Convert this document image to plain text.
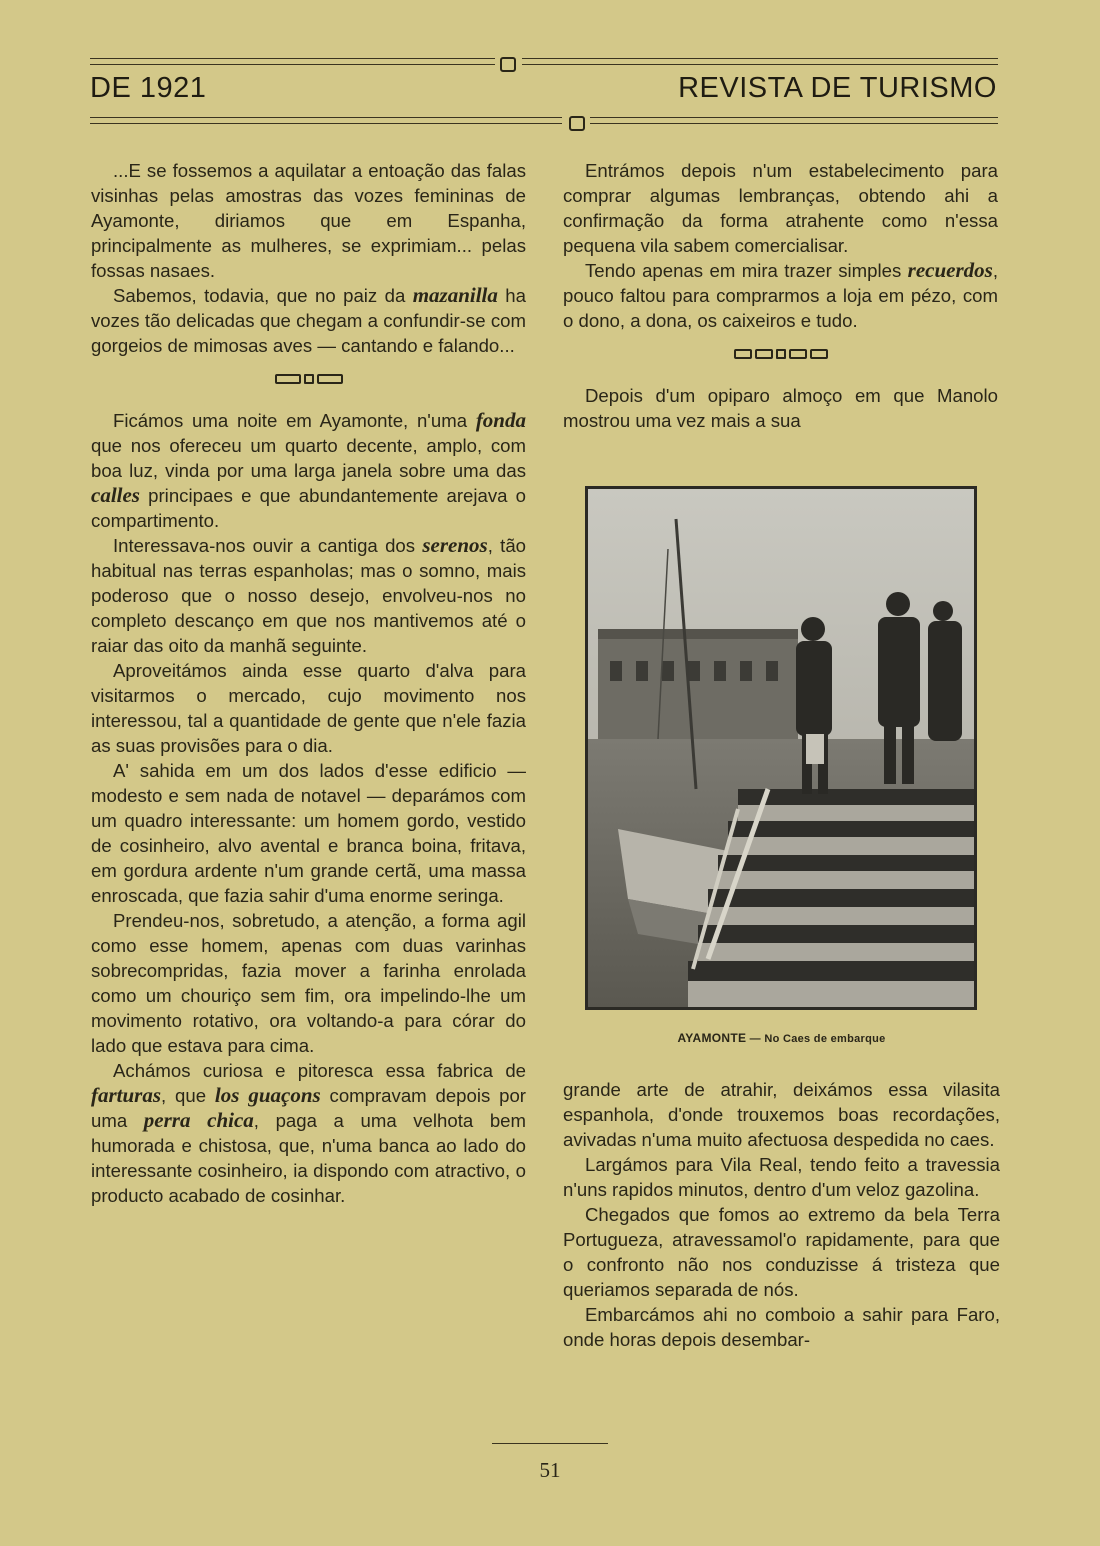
DE 1921	REVISTA DE TURISMO

...E se fossemos a aquilatar a entoação das falas visinhas pelas amostras das vozes femininas de Ayamonte, diriamos que em Espanha, principalmente as mulheres, se exprimiam... pelas fossas nasaes.

Sabemos, todavia, que no paiz da mazanilla ha vozes tão delicadas que chegam a confundir-se com gorgeios de mimosas aves — cantando e falando...

Ficámos uma noite em Ayamonte, n'uma fonda que nos ofereceu um quarto decente, amplo, com boa luz, vinda por uma larga janela sobre uma das calles principaes e que abundantemente arejava o compartimento.

Interessava-nos ouvir a cantiga dos serenos, tão habitual nas terras espanholas; mas o somno, mais poderoso que o nosso desejo, envolveu-nos no completo descanço em que nos mantivemos até o raiar das oito da manhã seguinte.

Aproveitámos ainda esse quarto d'alva para visitarmos o mercado, cujo movimento nos interessou, tal a quantidade de gente que n'ele fazia as suas provisões para o dia.

A' sahida em um dos lados d'esse edificio — modesto e sem nada de notavel — deparámos com um quadro interessante: um homem gordo, vestido de cosinheiro, alvo avental e branca boina, fritava, em gordura ardente n'um grande certã, uma massa enroscada, que fazia sahir d'uma enorme seringa.

Prendeu-nos, sobretudo, a atenção, a forma agil como esse homem, apenas com duas varinhas sobrecompridas, fazia mover a farinha enrolada como um chouriço sem fim, ora impelindo-lhe um movimento rotativo, ora voltando-a para córar do lado que estava para cima.

Achámos curiosa e pitoresca essa fabrica de farturas, que los guaçons compravam depois por uma perra chica, paga a uma velhota bem humorada e chistosa, que, n'uma banca ao lado do interessante cosinheiro, ia dispondo com atractivo, o producto acabado de cosinhar.

Entrámos depois n'um estabelecimento para comprar algumas lembranças, obtendo ahi a confirmação da forma atrahente como n'essa pequena vila sabem comercialisar.

Tendo apenas em mira trazer simples recuerdos, pouco faltou para comprarmos a loja em pézo, com o dono, a dona, os caixeiros e tudo.

Depois d'um opiparo almoço em que Manolo mostrou uma vez mais a sua

AYAMONTE — No Caes de embarque

grande arte de atrahir, deixámos essa vilasita espanhola, d'onde trouxemos boas recordações, avivadas n'uma muito afectuosa despedida no caes.

Largámos para Vila Real, tendo feito a travessia n'uns rapidos minutos, dentro d'um veloz gazolina.

Chegados que fomos ao extremo da bela Terra Portugueza, atravessamol'o rapidamente, para que o confronto não nos conduzisse á tristeza que queriamos separada de nós.

Embarcámos ahi no comboio a sahir para Faro, onde horas depois desembar-

51
